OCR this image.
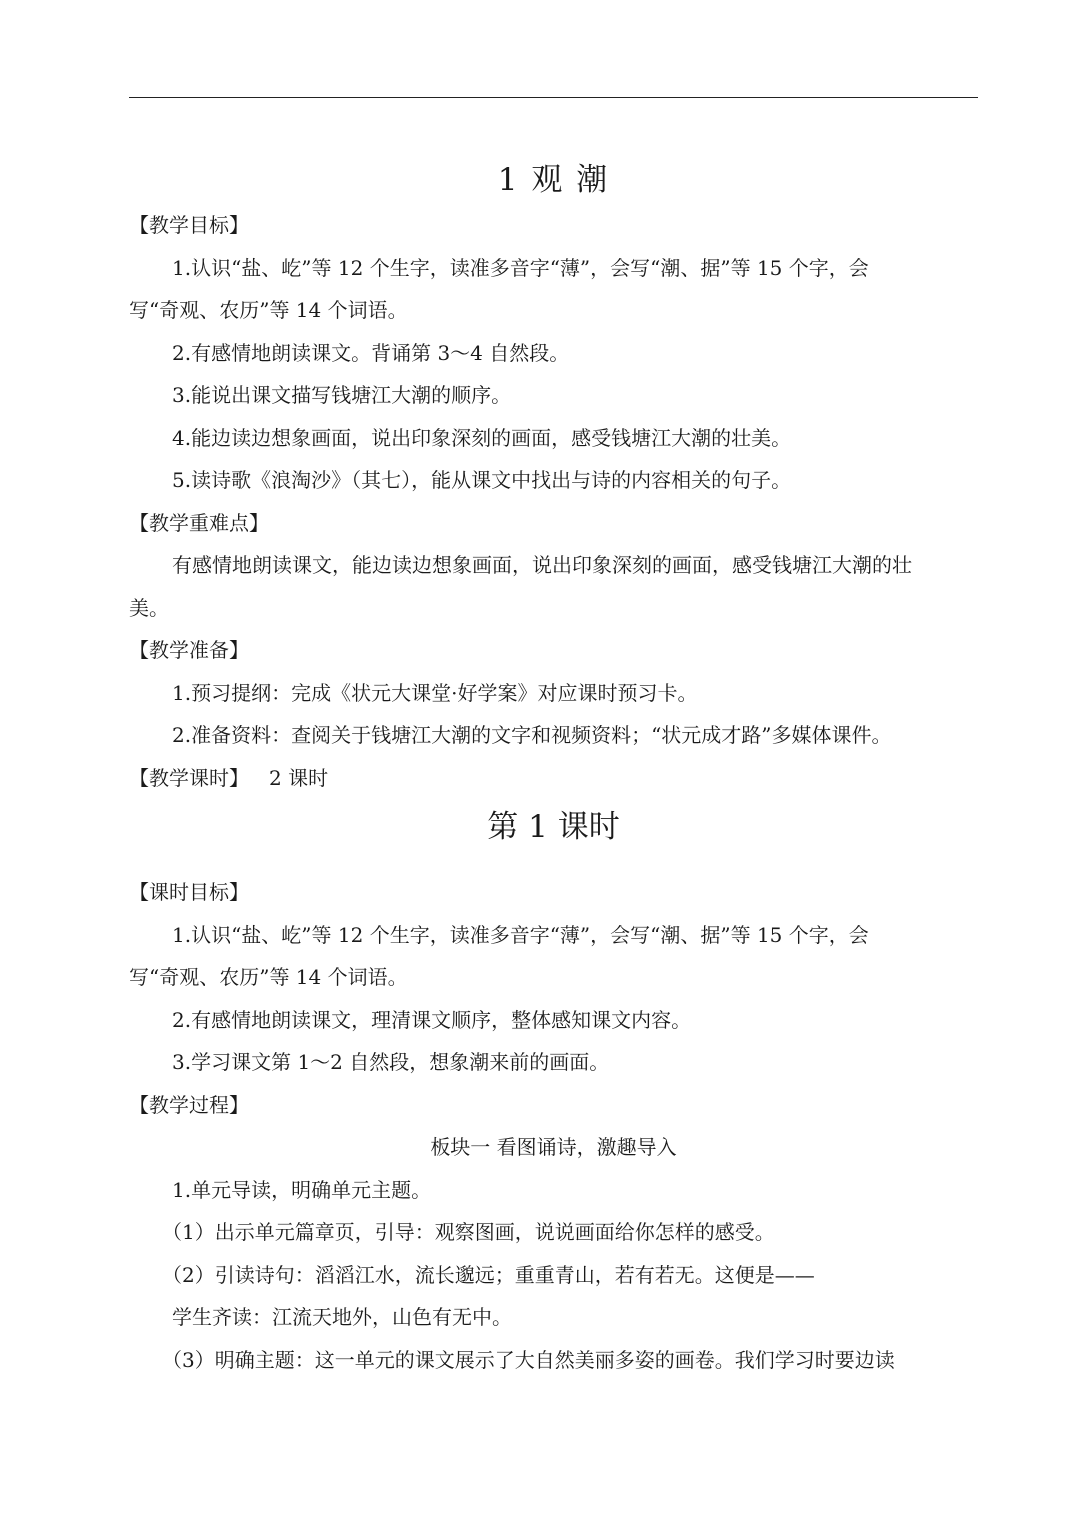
1 观 潮
【教学目标】
1.认识“盐、屹”等 12 个生字，读准多音字“薄”，会写“潮、据”等 15 个字，会
写“奇观、农历”等 14 个词语。
2.有感情地朗读课文。背诵第 3～4 自然段。
3.能说出课文描写钱塘江大潮的顺序。
4.能边读边想象画面，说出印象深刻的画面，感受钱塘江大潮的壮美。
5.读诗歌《浪淘沙》（其七），能从课文中找出与诗的内容相关的句子。
【教学重难点】
有感情地朗读课文，能边读边想象画面，说出印象深刻的画面，感受钱塘江大潮的壮
美。
【教学准备】
1.预习提纲：完成《状元大课堂·好学案》对应课时预习卡。
2.准备资料：查阅关于钱塘江大潮的文字和视频资料；“状元成才路”多媒体课件。
【教学课时】 2 课时
第 1 课时
【课时目标】
1.认识“盐、屹”等 12 个生字，读准多音字“薄”，会写“潮、据”等 15 个字，会
写“奇观、农历”等 14 个词语。
2.有感情地朗读课文，理清课文顺序，整体感知课文内容。
3.学习课文第 1～2 自然段，想象潮来前的画面。
【教学过程】
板块一 看图诵诗，激趣导入
1.单元导读，明确单元主题。
（1）出示单元篇章页，引导：观察图画，说说画面给你怎样的感受。
（2）引读诗句：滔滔江水，流长邈远；重重青山，若有若无。这便是——
学生齐读：江流天地外，山色有无中。
（3）明确主题：这一单元的课文展示了大自然美丽多姿的画卷。我们学习时要边读
